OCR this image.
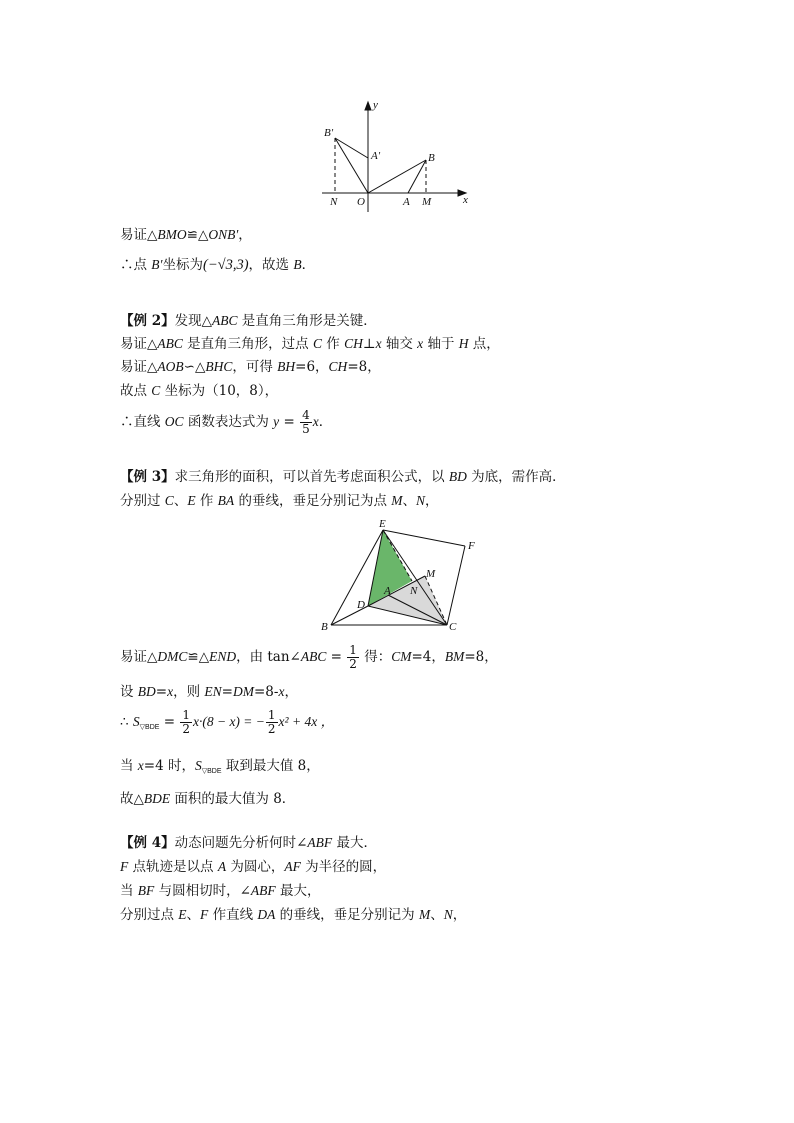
y
x
B′
A′	B
N O	A M
易证△BMO≌△ONB′，
∴点 B′坐标为(−√3,3)，故选 B．
【例 2】发现△ABC 是直角三角形是关键．
易证△ABC 是直角三角形，过点 C 作 CH⊥x 轴交 x 轴于 H 点，
易证△AOB∽△BHC，可得 BH=6，CH=8，
故点 C 坐标为（10，8），
∴直线 OC 函数表达式为 $y = \frac{4}{5}$ x．
【例 3】求三角形的面积，可以首先考虑面积公式，以 BD 为底，需作高．
分别过 C、E 作 BA 的垂线，垂足分别记为点 M、N，
E
F
M
A N
D
B	C
易证△DMC≌△END，由 tan∠ABC = $\frac{1}{2}$ 得：CM=4，BM=8，
设 BD=x，则 EN=DM=8-x，
∴ $S_{▽BDE} = \frac{1}{2} x\cdot(8 - x)$ = − $\frac{1}{2} x^2 + 4x$ ，
当 x=4 时，$S_{▽BDE}$ 取到最大值 8，
故△BDE 面积的最大值为 8．
【例 4】动态问题先分析何时∠ABF 最大．
F 点轨迹是以点 A 为圆心，AF 为半径的圆，
当 BF 与圆相切时，∠ABF 最大，
分别过点 E、F 作直线 DA 的垂线，垂足分别记为 M、N，
